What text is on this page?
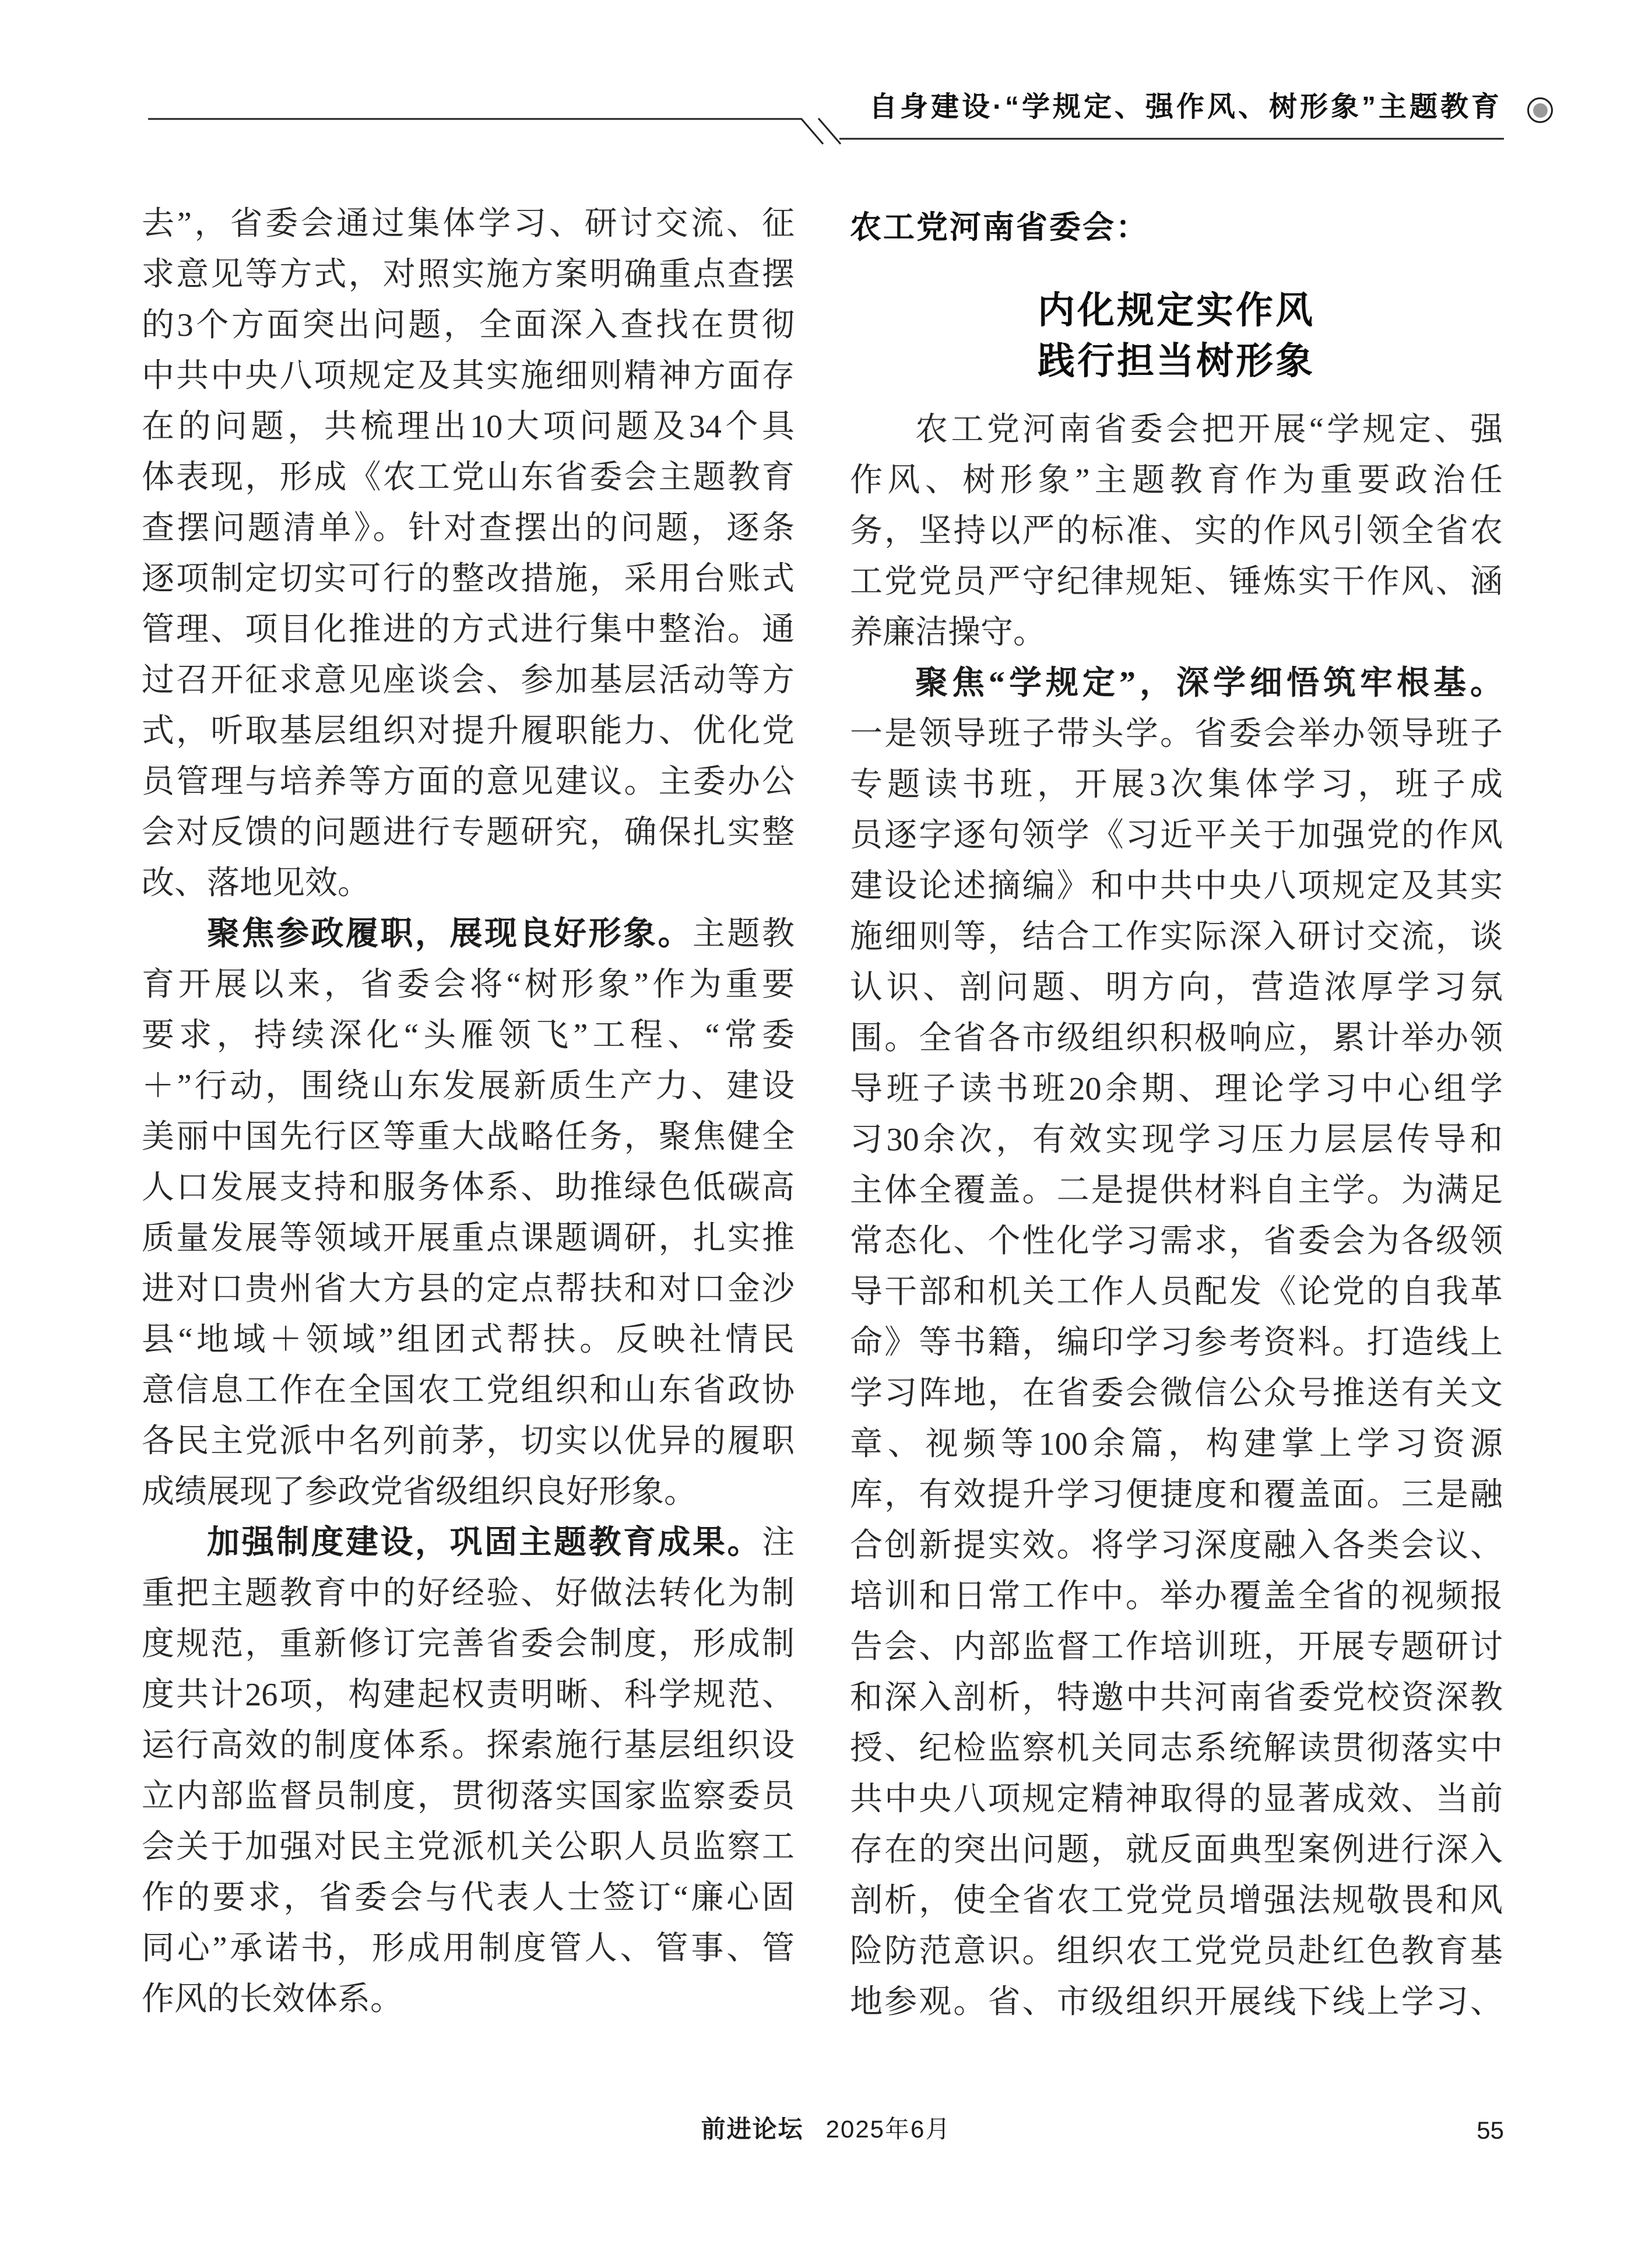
自身建设·“学规定、强作风、树形象”主题教育
去”，省委会通过集体学习、研讨交流、征
求意见等方式，对照实施方案明确重点查摆
的3个方面突出问题，全面深入查找在贯彻
中共中央八项规定及其实施细则精神方面存
在的问题，共梳理出10大项问题及34个具
体表现，形成《农工党山东省委会主题教育
查摆问题清单》。针对查摆出的问题，逐条
逐项制定切实可行的整改措施，采用台账式
管理、项目化推进的方式进行集中整治。通
过召开征求意见座谈会、参加基层活动等方
式，听取基层组织对提升履职能力、优化党
员管理与培养等方面的意见建议。主委办公
会对反馈的问题进行专题研究，确保扎实整
改、落地见效。
聚焦参政履职，展现良好形象。主题教
育开展以来，省委会将“树形象”作为重要
要求，持续深化“头雁领飞”工程、“常委
＋”行动，围绕山东发展新质生产力、建设
美丽中国先行区等重大战略任务，聚焦健全
人口发展支持和服务体系、助推绿色低碳高
质量发展等领域开展重点课题调研，扎实推
进对口贵州省大方县的定点帮扶和对口金沙
县“地域＋领域”组团式帮扶。反映社情民
意信息工作在全国农工党组织和山东省政协
各民主党派中名列前茅，切实以优异的履职
成绩展现了参政党省级组织良好形象。
加强制度建设，巩固主题教育成果。注
重把主题教育中的好经验、好做法转化为制
度规范，重新修订完善省委会制度，形成制
度共计26项，构建起权责明晰、科学规范、
运行高效的制度体系。探索施行基层组织设
立内部监督员制度，贯彻落实国家监察委员
会关于加强对民主党派机关公职人员监察工
作的要求，省委会与代表人士签订“廉心固
同心”承诺书，形成用制度管人、管事、管
作风的长效体系。
农工党河南省委会：
内化规定实作风
践行担当树形象
农工党河南省委会把开展“学规定、强
作风、树形象”主题教育作为重要政治任
务，坚持以严的标准、实的作风引领全省农
工党党员严守纪律规矩、锤炼实干作风、涵
养廉洁操守。
聚焦“学规定”，深学细悟筑牢根基。
一是领导班子带头学。省委会举办领导班子
专题读书班，开展3次集体学习，班子成
员逐字逐句领学《习近平关于加强党的作风
建设论述摘编》和中共中央八项规定及其实
施细则等，结合工作实际深入研讨交流，谈
认识、剖问题、明方向，营造浓厚学习氛
围。全省各市级组织积极响应，累计举办领
导班子读书班20余期、理论学习中心组学
习30余次，有效实现学习压力层层传导和
主体全覆盖。二是提供材料自主学。为满足
常态化、个性化学习需求，省委会为各级领
导干部和机关工作人员配发《论党的自我革
命》等书籍，编印学习参考资料。打造线上
学习阵地，在省委会微信公众号推送有关文
章、视频等100余篇，构建掌上学习资源
库，有效提升学习便捷度和覆盖面。三是融
合创新提实效。将学习深度融入各类会议、
培训和日常工作中。举办覆盖全省的视频报
告会、内部监督工作培训班，开展专题研讨
和深入剖析，特邀中共河南省委党校资深教
授、纪检监察机关同志系统解读贯彻落实中
共中央八项规定精神取得的显著成效、当前
存在的突出问题，就反面典型案例进行深入
剖析，使全省农工党党员增强法规敬畏和风
险防范意识。组织农工党党员赴红色教育基
地参观。省、市级组织开展线下线上学习、
前进论坛 2025年6月	55
